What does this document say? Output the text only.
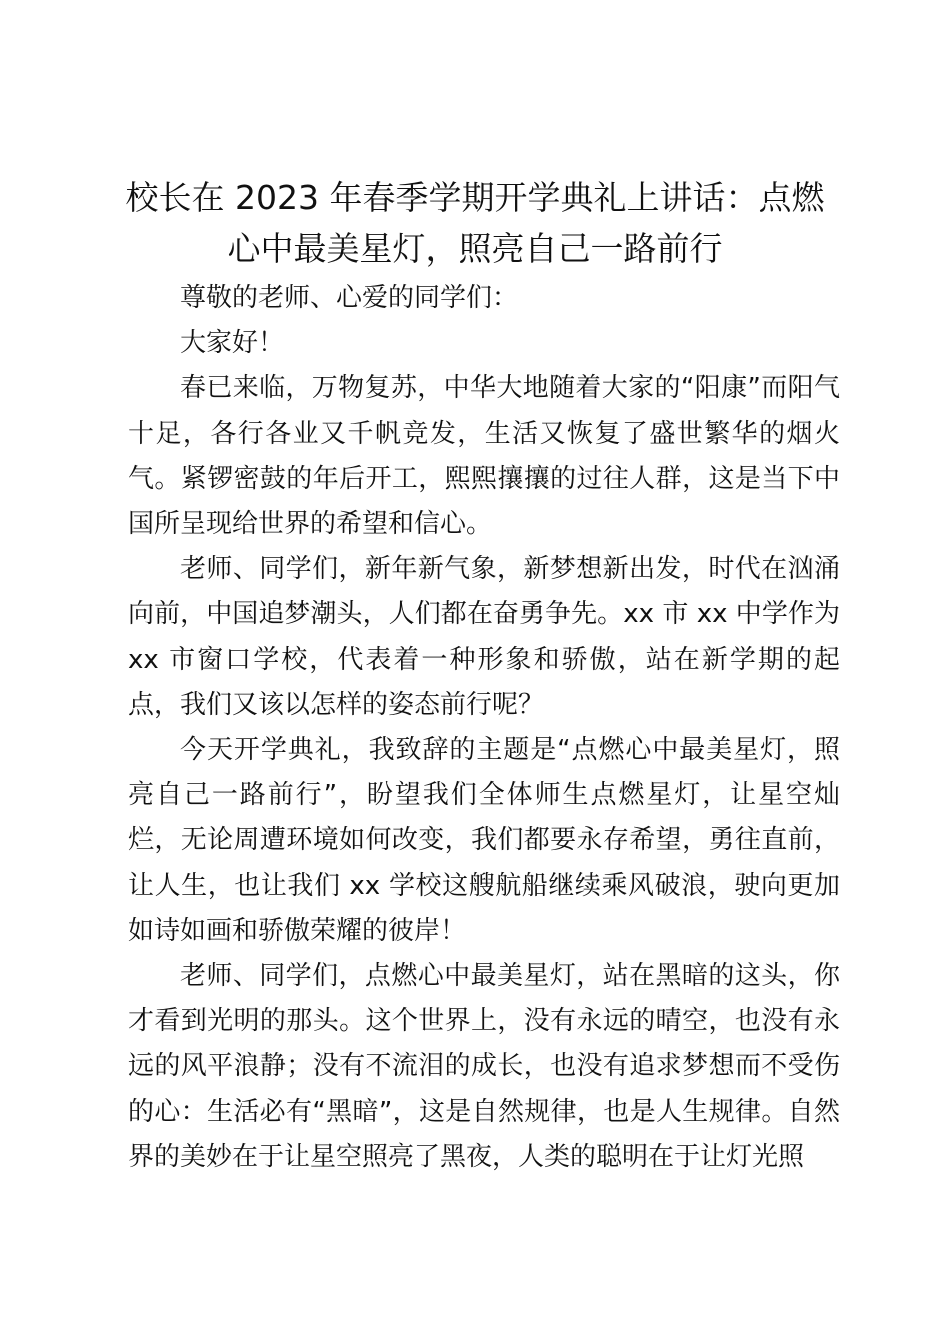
校长在 2023 年春季学期开学典礼上讲话：点燃心中最美星灯，照亮自己一路前行

尊敬的老师、心爱的同学们：

大家好！

春已来临，万物复苏，中华大地随着大家的“阳康”而阳气十足，各行各业又千帆竞发，生活又恢复了盛世繁华的烟火气。紧锣密鼓的年后开工，熙熙攘攘的过往人群，这是当下中国所呈现给世界的希望和信心。

老师、同学们，新年新气象，新梦想新出发，时代在汹涌向前，中国追梦潮头，人们都在奋勇争先。xx 市 xx 中学作为 xx 市窗口学校，代表着一种形象和骄傲，站在新学期的起点，我们又该以怎样的姿态前行呢？

今天开学典礼，我致辞的主题是“点燃心中最美星灯，照亮自己一路前行”，盼望我们全体师生点燃星灯，让星空灿烂，无论周遭环境如何改变，我们都要永存希望，勇往直前，让人生，也让我们 xx 学校这艘航船继续乘风破浪，驶向更加如诗如画和骄傲荣耀的彼岸！

老师、同学们，点燃心中最美星灯，站在黑暗的这头，你才看到光明的那头。这个世界上，没有永远的晴空，也没有永远的风平浪静；没有不流泪的成长，也没有追求梦想而不受伤的心：生活必有“黑暗”，这是自然规律，也是人生规律。自然界的美妙在于让星空照亮了黑夜，人类的聪明在于让灯光照
